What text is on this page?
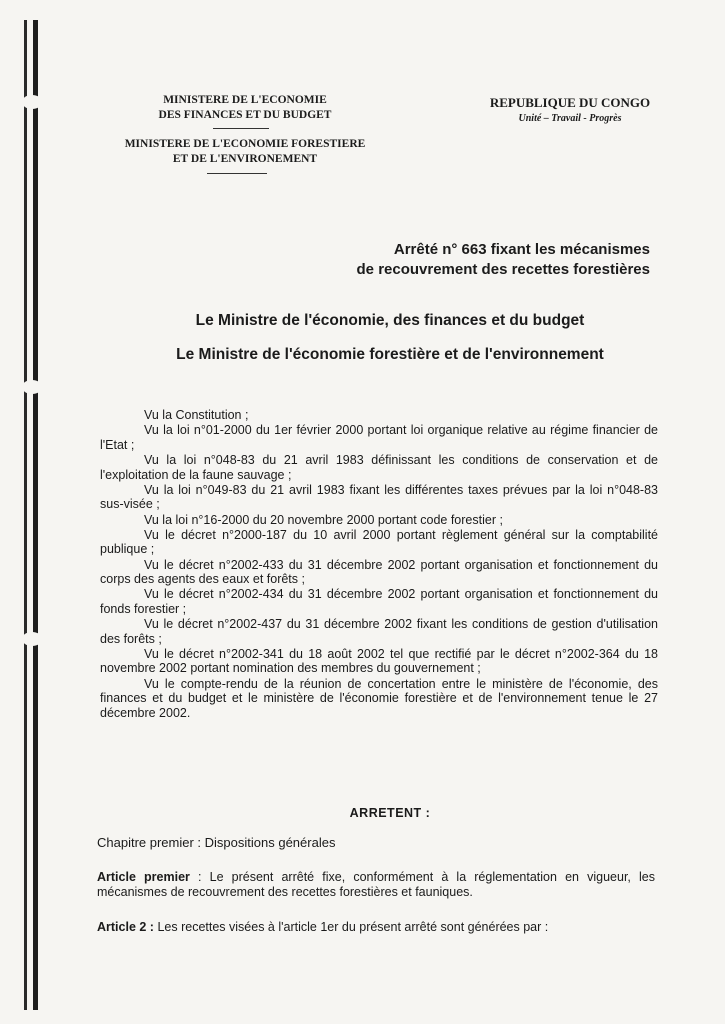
MINISTERE DE L'ECONOMIE
DES FINANCES ET DU BUDGET
MINISTERE DE L'ECONOMIE FORESTIERE
ET DE L'ENVIRONEMENT
REPUBLIQUE DU CONGO
Unité – Travail - Progrès
Arrêté n° 663 fixant les mécanismes
de recouvrement des recettes forestières
Le Ministre de l'économie, des finances et du budget
Le Ministre de l'économie forestière et de l'environnement

Vu la Constitution ;

Vu la loi n°01-2000 du 1er février 2000 portant loi organique relative au régime financier de l'Etat ;

Vu la loi n°048-83 du 21 avril 1983 définissant les conditions de conservation et de l'exploitation de la faune sauvage ;

Vu la loi n°049-83 du 21 avril 1983 fixant les différentes taxes prévues par la loi n°048-83 sus-visée ;

Vu la loi n°16-2000 du 20 novembre 2000 portant code forestier ;

Vu le décret n°2000-187 du 10 avril 2000 portant règlement général sur la comptabilité publique ;

Vu le décret n°2002-433 du 31 décembre 2002 portant organisation et fonctionnement du corps des agents des eaux et forêts ;

Vu le décret n°2002-434 du 31 décembre 2002 portant organisation et fonctionnement du fonds forestier ;

Vu le décret n°2002-437 du 31 décembre 2002 fixant les conditions de gestion d'utilisation des forêts ;

Vu le décret n°2002-341 du 18 août 2002 tel que rectifié par le décret n°2002-364 du 18 novembre 2002 portant nomination des membres du gouvernement ;

Vu le compte-rendu de la réunion de concertation entre le ministère de l'économie, des finances et du budget et le ministère de l'économie forestière et de l'environnement tenue le 27 décembre 2002.

ARRETENT :
Chapitre premier : Dispositions générales
Article premier : Le présent arrêté fixe, conformément à la réglementation en vigueur, les mécanismes de recouvrement des recettes forestières et fauniques.
Article 2 : Les recettes visées à l'article 1er du présent arrêté sont générées par :
